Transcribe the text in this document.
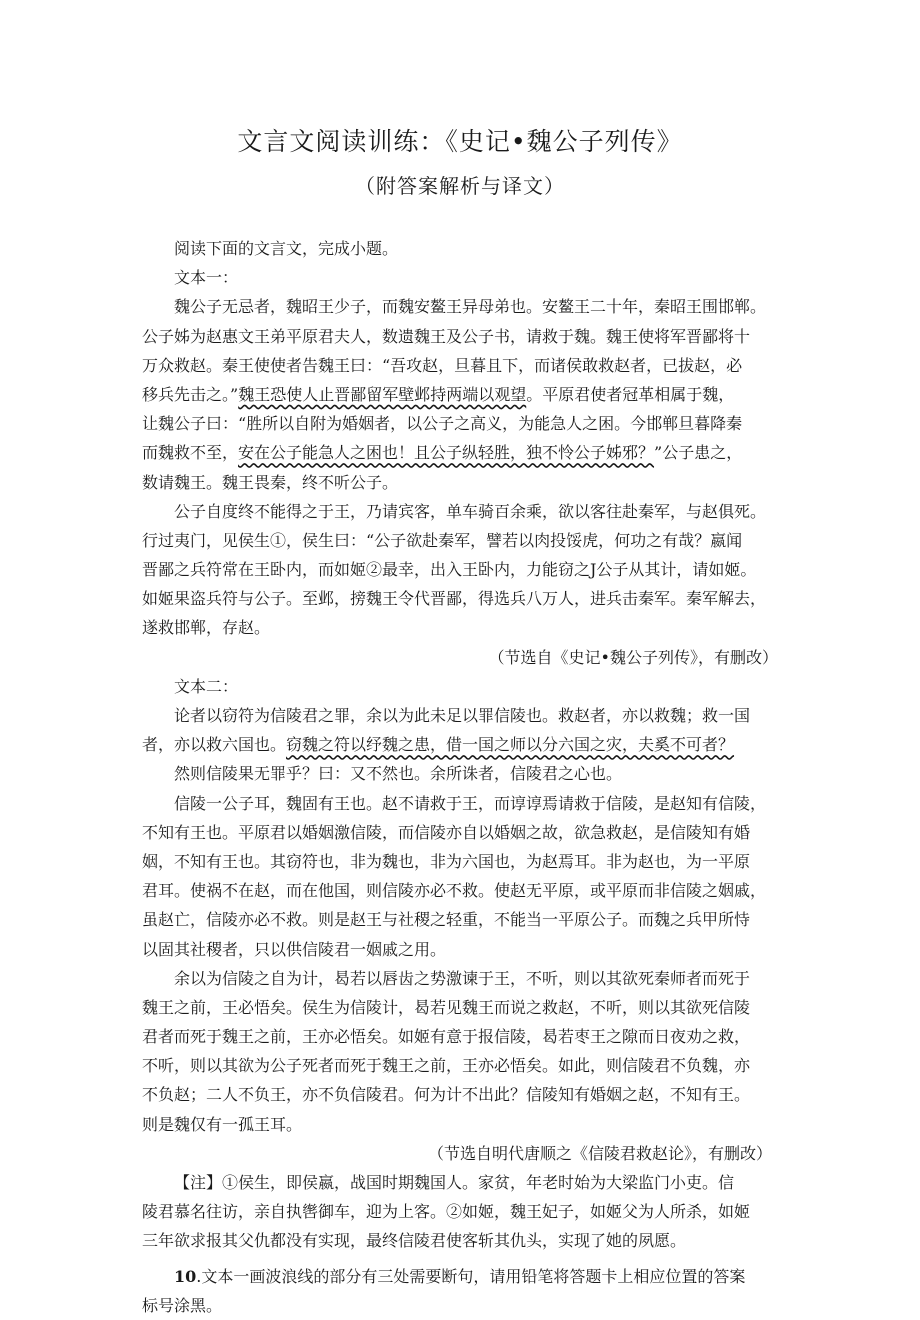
文言文阅读训练：《史记•魏公子列传》
（附答案解析与译文）
阅读下面的文言文，完成小题。
文本一：
魏公子无忌者，魏昭王少子，而魏安鳌王异母弟也。安鳌王二十年，秦昭王围邯郸。
公子姊为赵惠文王弟平原君夫人，数遗魏王及公子书，请救于魏。魏王使将军晋鄙将十
万众救赵。秦王使使者告魏王曰：“吾攻赵，旦暮且下，而诸侯敢救赵者，已拔赵，必
移兵先击之。”魏王恐使人止晋鄙留军壁邺持两端以观望。平原君使者冠革相属于魏，
让魏公子曰：“胜所以自附为婚姻者，以公子之高义，为能急人之困。今邯郸旦暮降秦
而魏救不至，安在公子能急人之困也！且公子纵轻胜，独不怜公子姊邪？”公子患之，
数请魏王。魏王畏秦，终不听公子。
公子自度终不能得之于王，乃请宾客，单车骑百余乘，欲以客往赴秦军，与赵俱死。
行过夷门，见侯生①，侯生曰：“公子欲赴秦军，譬若以肉投馁虎，何功之有哉？嬴闻
晋鄙之兵符常在王卧内，而如姬②最幸，出入王卧内，力能窃之J公子从其计，请如姬。
如姬果盗兵符与公子。至邺，搒魏王令代晋鄙，得选兵八万人，进兵击秦军。秦军解去，
遂救邯郸，存赵。
（节选自《史记•魏公子列传》，有删改）
文本二：
论者以窃符为信陵君之罪，余以为此未足以罪信陵也。救赵者，亦以救魏；救一国
者，亦以救六国也。窃魏之符以纾魏之患，借一国之师以分六国之灾，夫奚不可者？
然则信陵果无罪乎？曰：又不然也。余所诛者，信陵君之心也。
信陵一公子耳，魏固有王也。赵不请救于王，而谆谆焉请救于信陵，是赵知有信陵，
不知有王也。平原君以婚姻激信陵，而信陵亦自以婚姻之故，欲急救赵，是信陵知有婚
姻，不知有王也。其窃符也，非为魏也，非为六国也，为赵焉耳。非为赵也，为一平原
君耳。使祸不在赵，而在他国，则信陵亦必不救。使赵无平原，或平原而非信陵之姻戚，
虽赵亡，信陵亦必不救。则是赵王与社稷之轻重，不能当一平原公子。而魏之兵甲所恃
以固其社稷者，只以供信陵君一姻戚之用。
余以为信陵之自为计，曷若以唇齿之势激谏于王，不听，则以其欲死秦师者而死于
魏王之前，王必悟矣。侯生为信陵计，曷若见魏王而说之救赵，不听，则以其欲死信陵
君者而死于魏王之前，王亦必悟矣。如姬有意于报信陵，曷若枣王之隙而日夜劝之救，
不听，则以其欲为公子死者而死于魏王之前，王亦必悟矣。如此，则信陵君不负魏，亦
不负赵；二人不负王，亦不负信陵君。何为计不出此？信陵知有婚姻之赵，不知有王。
则是魏仅有一孤王耳。
（节选自明代唐顺之《信陵君救赵论》，有删改）
【注】①侯生，即侯嬴，战国时期魏国人。家贫，年老时始为大梁监门小吏。信
陵君慕名往访，亲自执辔御车，迎为上客。②如姬，魏王妃子，如姬父为人所杀，如姬
三年欲求报其父仇都没有实现，最终信陵君使客斩其仇头，实现了她的夙愿。
10.文本一画波浪线的部分有三处需要断句，请用铅笔将答题卡上相应位置的答案
标号涂黑。
